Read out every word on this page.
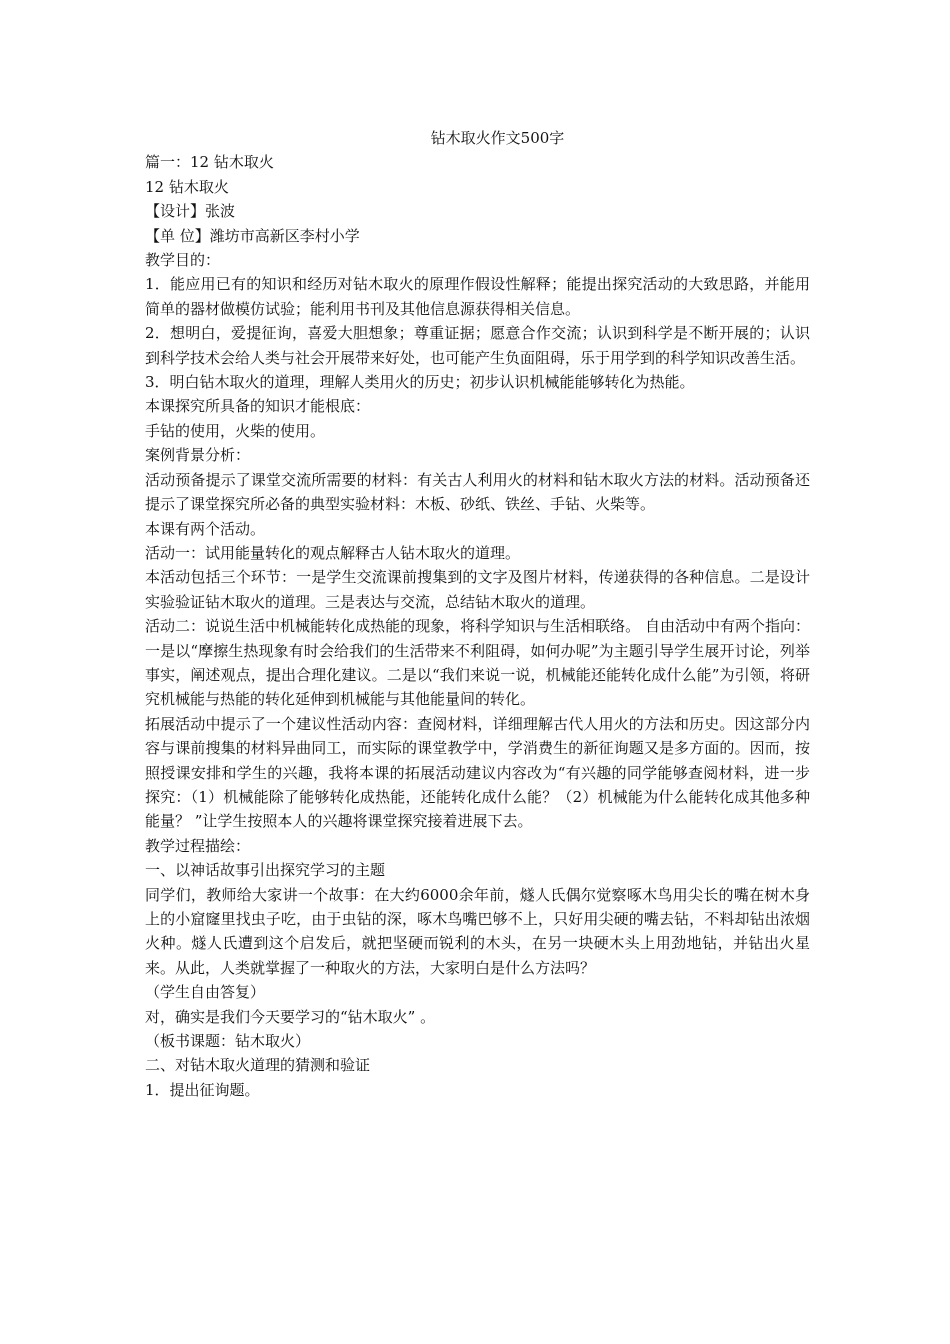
钻木取火作文500字
篇一：12 钻木取火
12 钻木取火
【设计】张波
【单 位】潍坊市高新区李村小学
教学目的：
1．能应用已有的知识和经历对钻木取火的原理作假设性解释；能提出探究活动的大致思路，并能用简单的器材做模仿试验；能利用书刊及其他信息源获得相关信息。
2．想明白，爱提征询，喜爱大胆想象；尊重证据；愿意合作交流；认识到科学是不断开展的；认识到科学技术会给人类与社会开展带来好处，也可能产生负面阻碍，乐于用学到的科学知识改善生活。
3．明白钻木取火的道理，理解人类用火的历史；初步认识机械能能够转化为热能。
本课探究所具备的知识才能根底：
手钻的使用，火柴的使用。
案例背景分析：
活动预备提示了课堂交流所需要的材料：有关古人利用火的材料和钻木取火方法的材料。活动预备还提示了课堂探究所必备的典型实验材料：木板、砂纸、铁丝、手钻、火柴等。
本课有两个活动。
活动一：试用能量转化的观点解释古人钻木取火的道理。
本活动包括三个环节：一是学生交流课前搜集到的文字及图片材料，传递获得的各种信息。二是设计实验验证钻木取火的道理。三是表达与交流，总结钻木取火的道理。
活动二：说说生活中机械能转化成热能的现象，将科学知识与生活相联络。 自由活动中有两个指向：一是以“摩擦生热现象有时会给我们的生活带来不利阻碍，如何办呢”为主题引导学生展开讨论，列举事实，阐述观点，提出合理化建议。二是以“我们来说一说，机械能还能转化成什么能”为引领，将研究机械能与热能的转化延伸到机械能与其他能量间的转化。
拓展活动中提示了一个建议性活动内容：查阅材料，详细理解古代人用火的方法和历史。因这部分内容与课前搜集的材料异曲同工，而实际的课堂教学中，学消费生的新征询题又是多方面的。因而，按照授课安排和学生的兴趣，我将本课的拓展活动建议内容改为“有兴趣的同学能够查阅材料，进一步探究：（1）机械能除了能够转化成热能，还能转化成什么能？（2）机械能为什么能转化成其他多种能量？ ”让学生按照本人的兴趣将课堂探究接着进展下去。
教学过程描绘：
一、以神话故事引出探究学习的主题
同学们，教师给大家讲一个故事：在大约6000余年前，燧人氏偶尔觉察啄木鸟用尖长的嘴在树木身上的小窟窿里找虫子吃，由于虫钻的深，啄木鸟嘴巴够不上，只好用尖硬的嘴去钻，不料却钻出浓烟火种。燧人氏遭到这个启发后，就把坚硬而锐利的木头，在另一块硬木头上用劲地钻，并钻出火星来。从此，人类就掌握了一种取火的方法，大家明白是什么方法吗？
（学生自由答复）
对，确实是我们今天要学习的“钻木取火” 。
（板书课题：钻木取火）
二、对钻木取火道理的猜测和验证
1．提出征询题。
